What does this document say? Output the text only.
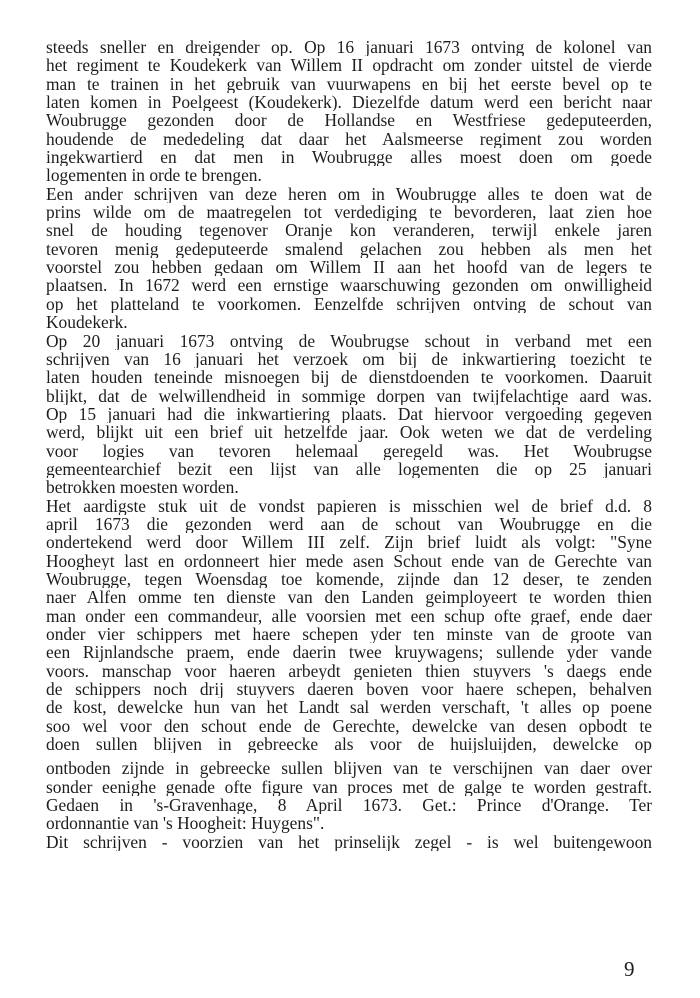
steeds sneller en dreigender op. Op 16 januari 1673 ontving de kolonel van
het regiment te Koudekerk van Willem II opdracht om zonder uitstel de vierde
man te trainen in het gebruik van vuurwapens en bij het eerste bevel op te
laten komen in Poelgeest (Koudekerk). Diezelfde datum werd een bericht naar
Woubrugge gezonden door de Hollandse en Westfriese gedeputeerden,
houdende de mededeling dat daar het Aalsmeerse regiment zou worden
ingekwartierd en dat men in Woubrugge alles moest doen om goede
logementen in orde te brengen.
Een ander schrijven van deze heren om in Woubrugge alles te doen wat de
prins wilde om de maatregelen tot verdediging te bevorderen, laat zien hoe
snel de houding tegenover Oranje kon veranderen, terwijl enkele jaren
tevoren menig gedeputeerde smalend gelachen zou hebben als men het
voorstel zou hebben gedaan om Willem II aan het hoofd van de legers te
plaatsen. In 1672 werd een ernstige waarschuwing gezonden om onwilligheid
op het platteland te voorkomen. Eenzelfde schrijven ontving de schout van
Koudekerk.
Op 20 januari 1673 ontving de Woubrugse schout in verband met een
schrijven van 16 januari het verzoek om bij de inkwartiering toezicht te
laten houden teneinde misnoegen bij de dienstdoenden te voorkomen. Daaruit
blijkt, dat de welwillendheid in sommige dorpen van twijfelachtige aard was.
Op 15 januari had die inkwartiering plaats. Dat hiervoor vergoeding gegeven
werd, blijkt uit een brief uit hetzelfde jaar. Ook weten we dat de verdeling
voor logies van tevoren helemaal geregeld was. Het Woubrugse
gemeentearchief bezit een lijst van alle logementen die op 25 januari
betrokken moesten worden.
Het aardigste stuk uit de vondst papieren is misschien wel de brief d.d. 8
april 1673 die gezonden werd aan de schout van Woubrugge en die
ondertekend werd door Willem III zelf. Zijn brief luidt als volgt: "Syne
Hoogheyt last en ordonneert hier mede asen Schout ende van de Gerechte van
Woubrugge, tegen Woensdag toe komende, zijnde dan 12 deser, te zenden
naer Alfen omme ten dienste van den Landen geimployeert te worden thien
man onder een commandeur, alle voorsien met een schup ofte graef, ende daer
onder vier schippers met haere schepen yder ten minste van de groote van
een Rijnlandsche praem, ende daerin twee kruywagens; sullende yder vande
voors. manschap voor haeren arbeydt genieten thien stuyvers 's daegs ende
de schippers noch drij stuyvers daeren boven voor haere schepen, behalven
de kost, dewelcke hun van het Landt sal werden verschaft, 't alles op poene
soo wel voor den schout ende de Gerechte, dewelcke van desen opbodt te
doen sullen blijven in gebreecke als voor de huijsluijden, dewelcke op
ontboden zijnde in gebreecke sullen blijven van te verschijnen van daer over
sonder eenighe genade ofte figure van proces met de galge te worden gestraft.
Gedaen in 's-Gravenhage, 8 April 1673. Get.: Prince d'Orange. Ter
ordonnantie van 's Hoogheit: Huygens".
Dit schrijven - voorzien van het prinselijk zegel - is wel buitengewoon
9
